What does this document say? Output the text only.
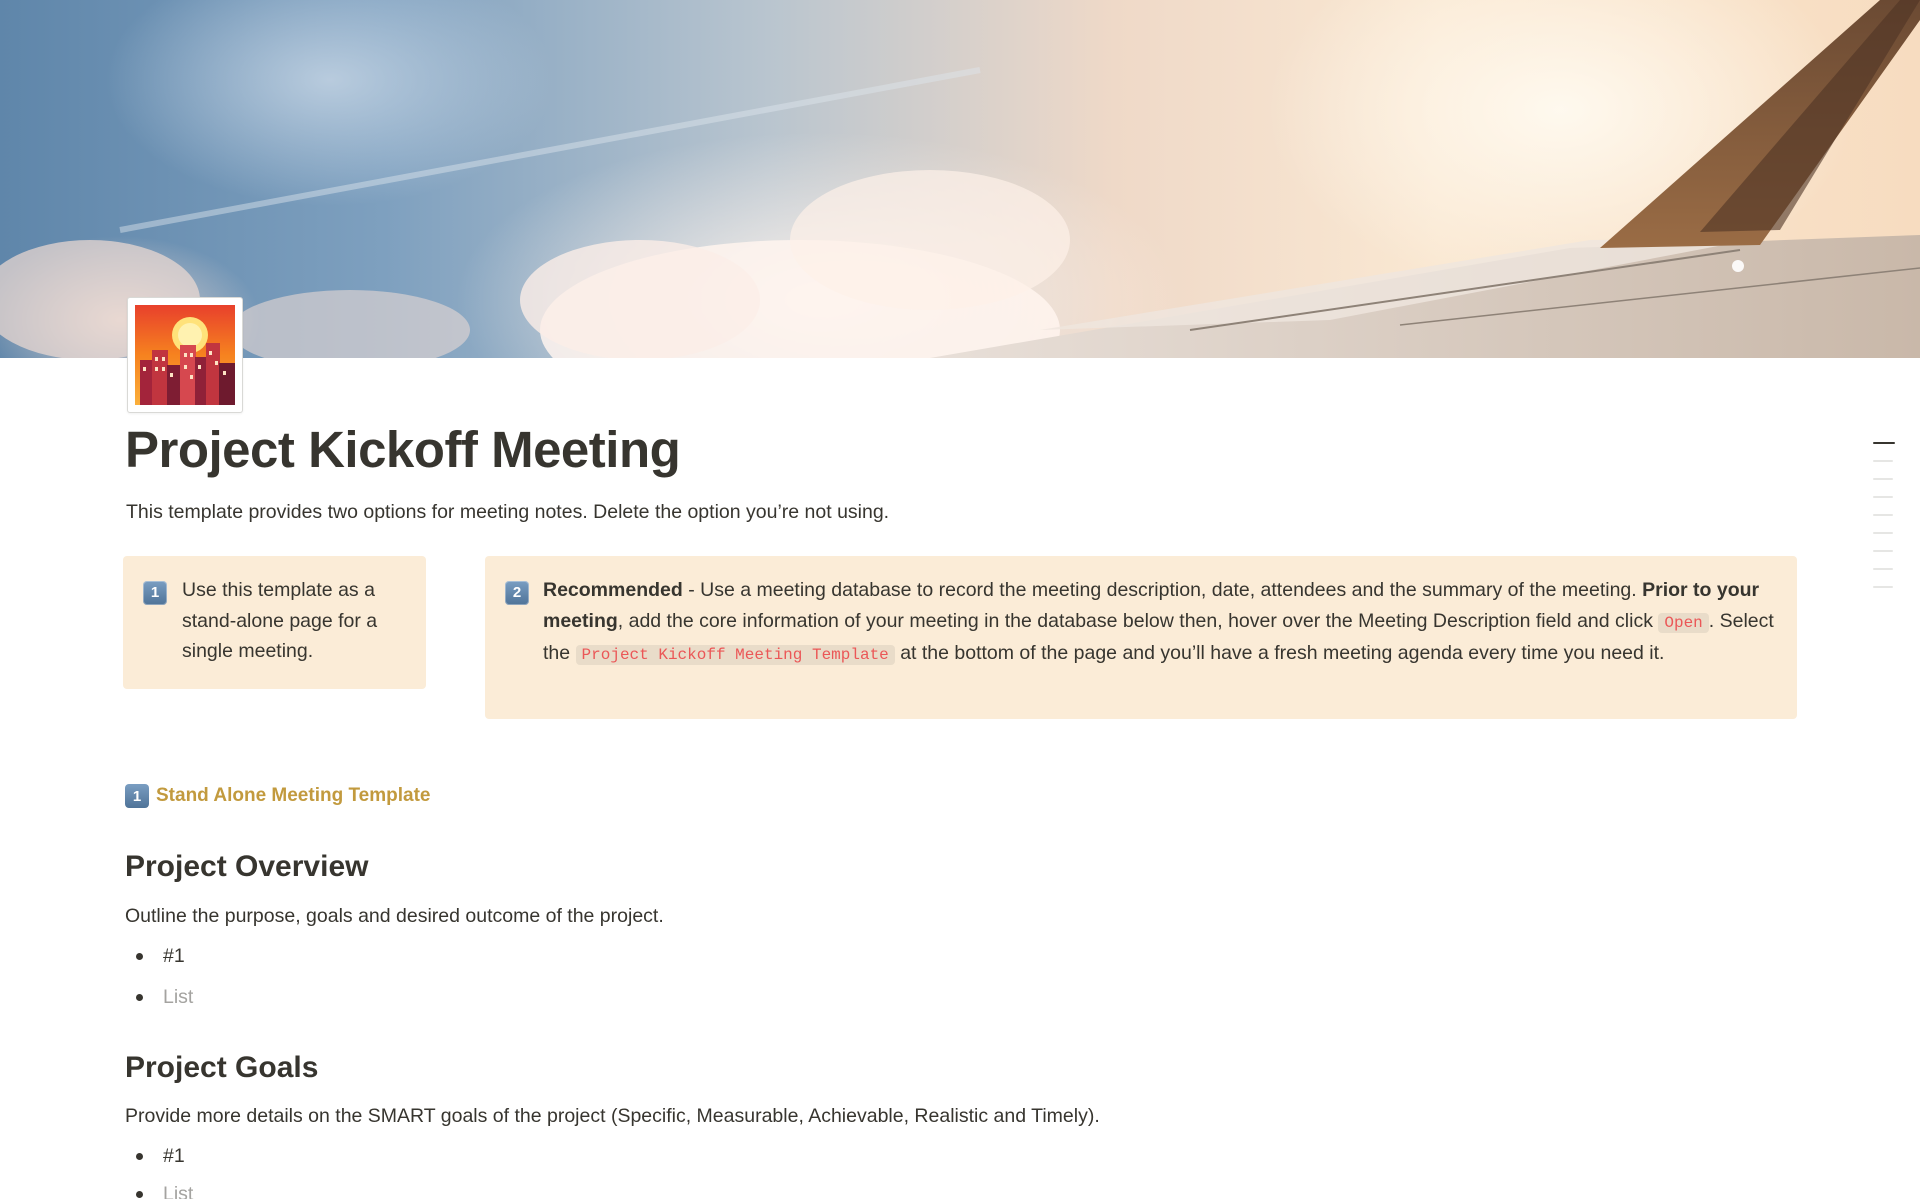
Project Kickoff Meeting
This template provides two options for meeting notes. Delete the option you’re not using.
1	Use this template as a stand-alone page for a single meeting.
2	Recommended - Use a meeting database to record the meeting description, date, attendees and the summary of the meeting. Prior to your meeting, add the core information of your meeting in the database below then, hover over the Meeting Description field and click Open . Select the Project Kickoff Meeting Template at the bottom of the page and you’ll have a fresh meeting agenda every time you need it.
1 Stand Alone Meeting Template
Project Overview
Outline the purpose, goals and desired outcome of the project.
#1
List
Project Goals
Provide more details on the SMART goals of the project (Specific, Measurable, Achievable, Realistic and Timely).
#1
List
